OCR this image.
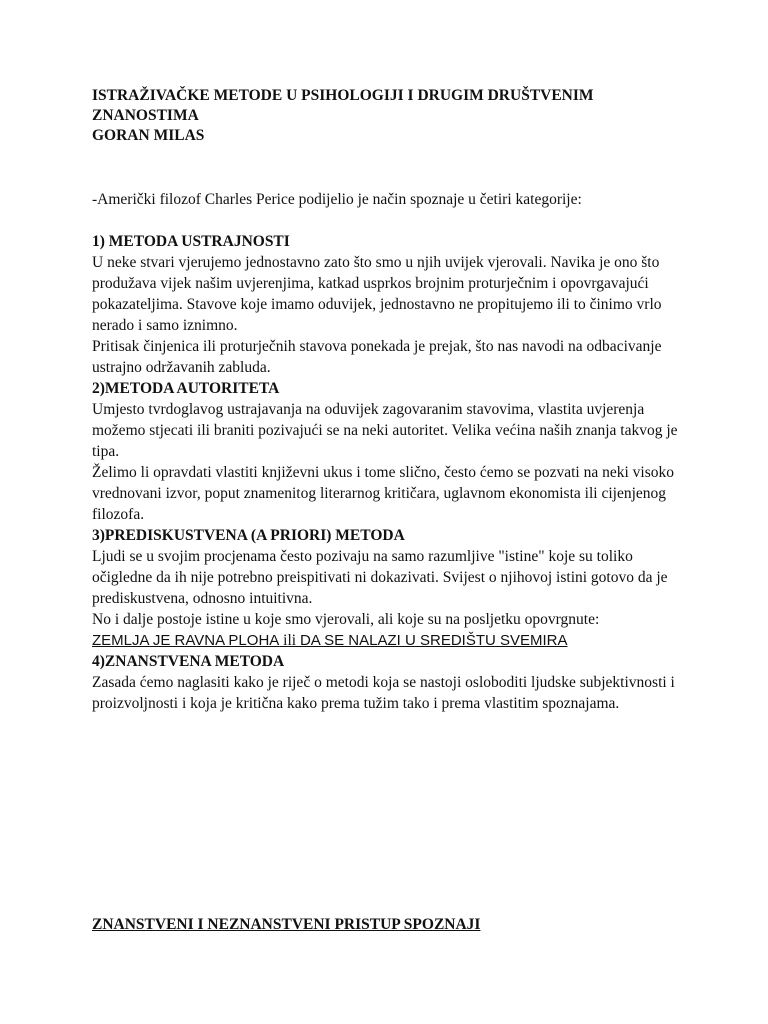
ISTRAŽIVAČKE METODE U PSIHOLOGIJI I DRUGIM DRUŠTVENIM
ZNANOSTIMA
GORAN MILAS
-Američki filozof Charles Perice podijelio je način spoznaje u četiri kategorije:
1) METODA USTRAJNOSTI

U neke stvari vjerujemo jednostavno zato što smo u njih uvijek vjerovali. Navika je ono što produžava vijek našim uvjerenjima, katkad usprkos brojnim proturječnim i opovrgavajući pokazateljima. Stavove koje imamo oduvijek, jednostavno ne propitujemo ili to činimo vrlo nerado i samo iznimno.

Pritisak činjenica ili proturječnih stavova ponekada je prejak, što nas navodi na odbacivanje ustrajno održavanih zabluda.

2)METODA AUTORITETA

Umjesto tvrdoglavog ustrajavanja na oduvijek zagovaranim stavovima, vlastita uvjerenja možemo stjecati ili braniti pozivajući se na neki autoritet. Velika većina naših znanja takvog je tipa.

Želimo li opravdati vlastiti književni ukus i tome slično, često ćemo se pozvati na neki visoko vrednovani izvor, poput znamenitog literarnog kritičara, uglavnom ekonomista ili cijenjenog filozofa.

3)PREDISKUSTVENA (A PRIORI) METODA

Ljudi se u svojim procjenama često pozivaju na samo razumljive "istine" koje su toliko očigledne da ih nije potrebno preispitivati ni dokazivati. Svijest o njihovoj istini gotovo da je prediskustvena, odnosno intuitivna.

No i dalje postoje istine u koje smo vjerovali, ali koje su na posljetku opovrgnute:

ZEMLJA JE RAVNA PLOHA ili DA SE NALAZI U SREDIŠTU SVEMIRA
4)ZNANSTVENA METODA

Zasada ćemo naglasiti kako je riječ o metodi koja se nastoji osloboditi ljudske subjektivnosti i proizvoljnosti i koja je kritična kako prema tužim tako i prema vlastitim spoznajama.

ZNANSTVENI I NEZNANSTVENI PRISTUP SPOZNAJI
